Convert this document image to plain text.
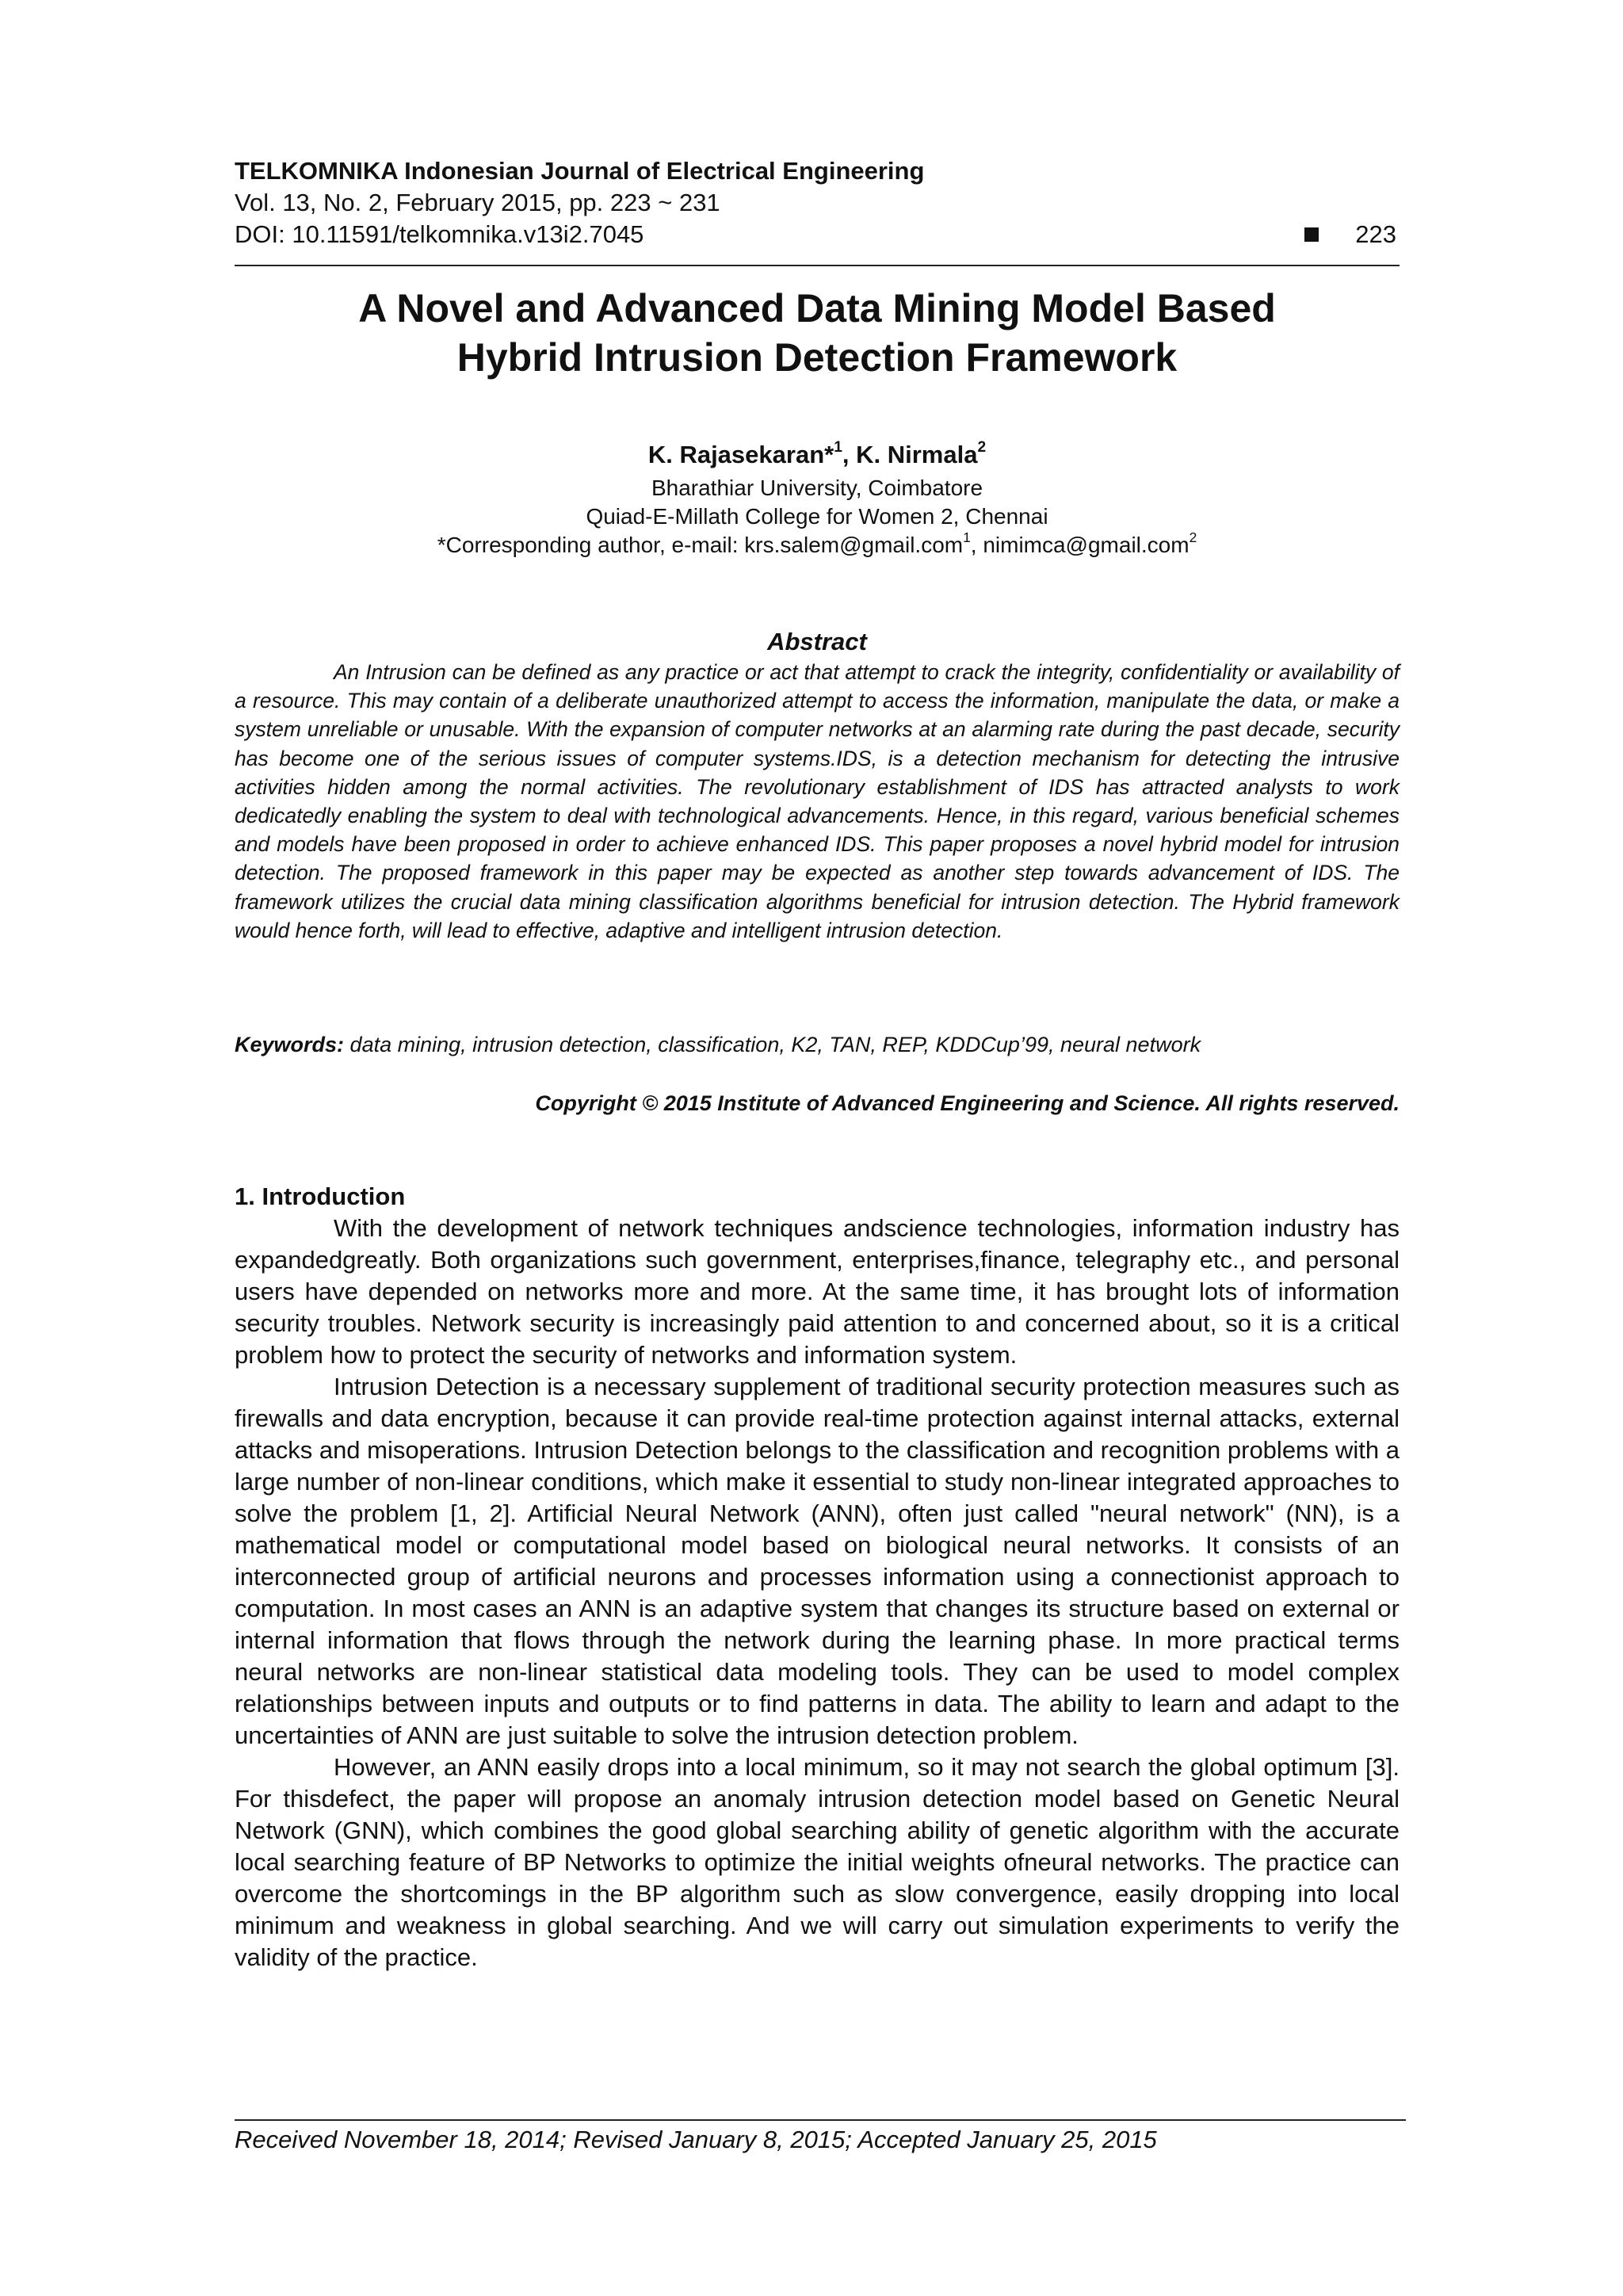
TELKOMNIKA Indonesian Journal of Electrical Engineering
Vol. 13, No. 2, February 2015, pp. 223 ~ 231
DOI: 10.11591/telkomnika.v13i2.7045	223
A Novel and Advanced Data Mining Model Based
Hybrid Intrusion Detection Framework
K. Rajasekaran*$^1$, K. Nirmala$^2$
Bharathiar University, Coimbatore
Quiad-E-Millath College for Women 2, Chennai
*Corresponding author, e-mail: krs.salem@gmail.com$^1$, nimimca@gmail.com$^2$
Abstract
An Intrusion can be defined as any practice or act that attempt to crack the integrity, confidentiality or availability of a resource. This may contain of a deliberate unauthorized attempt to access the information, manipulate the data, or make a system unreliable or unusable. With the expansion of computer networks at an alarming rate during the past decade, security has become one of the serious issues of computer systems.IDS, is a detection mechanism for detecting the intrusive activities hidden among the normal activities. The revolutionary establishment of IDS has attracted analysts to work dedicatedly enabling the system to deal with technological advancements. Hence, in this regard, various beneficial schemes and models have been proposed in order to achieve enhanced IDS. This paper proposes a novel hybrid model for intrusion detection. The proposed framework in this paper may be expected as another step towards advancement of IDS. The framework utilizes the crucial data mining classification algorithms beneficial for intrusion detection. The Hybrid framework would hence forth, will lead to effective, adaptive and intelligent intrusion detection.
Keywords: data mining, intrusion detection, classification, K2, TAN, REP, KDDCup’99, neural network
Copyright © 2015 Institute of Advanced Engineering and Science. All rights reserved.
1. Introduction

With the development of network techniques andscience technologies, information industry has expandedgreatly. Both organizations such government, enterprises,finance, telegraphy etc., and personal users have depended on networks more and more. At the same time, it has brought lots of information security troubles. Network security is increasingly paid attention to and concerned about, so it is a critical problem how to protect the security of networks and information system.

Intrusion Detection is a necessary supplement of traditional security protection measures such as firewalls and data encryption, because it can provide real-time protection against internal attacks, external attacks and misoperations. Intrusion Detection belongs to the classification and recognition problems with a large number of non-linear conditions, which make it essential to study non-linear integrated approaches to solve the problem [1, 2]. Artificial Neural Network (ANN), often just called "neural network" (NN), is a mathematical model or computational model based on biological neural networks. It consists of an interconnected group of artificial neurons and processes information using a connectionist approach to computation. In most cases an ANN is an adaptive system that changes its structure based on external or internal information that flows through the network during the learning phase. In more practical terms neural networks are non-linear statistical data modeling tools. They can be used to model complex relationships between inputs and outputs or to find patterns in data. The ability to learn and adapt to the uncertainties of ANN are just suitable to solve the intrusion detection problem.

However, an ANN easily drops into a local minimum, so it may not search the global optimum [3]. For thisdefect, the paper will propose an anomaly intrusion detection model based on Genetic Neural Network (GNN), which combines the good global searching ability of genetic algorithm with the accurate local searching feature of BP Networks to optimize the initial weights ofneural networks. The practice can overcome the shortcomings in the BP algorithm such as slow convergence, easily dropping into local minimum and weakness in global searching. And we will carry out simulation experiments to verify the validity of the practice.

Received November 18, 2014; Revised January 8, 2015; Accepted January 25, 2015
